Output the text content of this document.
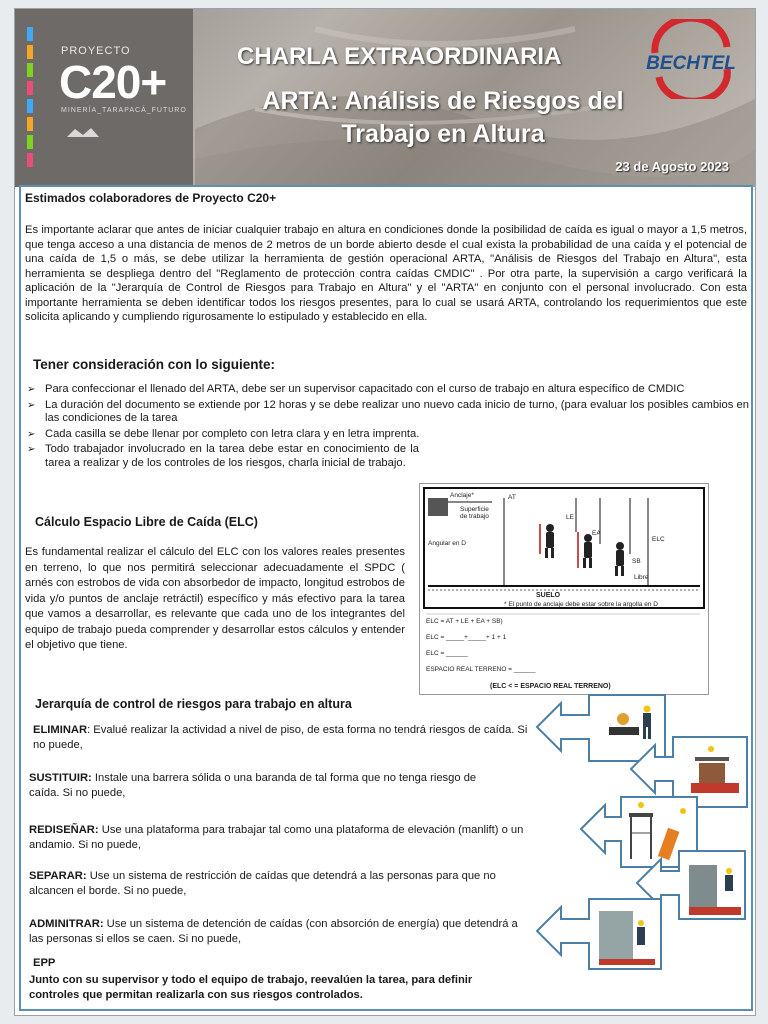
PROYECTO
C20+
MINERÍA_TARAPACÁ_FUTURO
CHARLA EXTRAORDINARIA
ARTA: Análisis de Riesgos del
Trabajo en Altura
23 de Agosto 2023
BECHTEL
Estimados colaboradores de Proyecto C20+
Es importante aclarar que antes de iniciar cualquier trabajo en altura en condiciones donde la posibilidad de caída es igual o mayor a 1,5 metros, que tenga acceso a una distancia de menos de 2 metros de un borde abierto desde el cual exista la probabilidad de una caída y el potencial de una caída de 1,5 o más, se debe utilizar la herramienta de gestión operacional ARTA, "Análisis de Riesgos del Trabajo en Altura", esta herramienta se despliega dentro del "Reglamento de protección contra caídas CMDIC" . Por otra parte, la supervisión a cargo verificará la aplicación de la "Jerarquía de Control de Riesgos para Trabajo en Altura" y el "ARTA" en conjunto con el personal involucrado. Con esta importante herramienta se deben identificar todos los riesgos presentes, para lo cual se usará ARTA, controlando los requerimientos que este solicita aplicando y cumpliendo rigurosamente lo estipulado y establecido en ella.
Tener consideración con lo siguiente:
➢ Para confeccionar el llenado del ARTA, debe ser un supervisor capacitado con el curso de trabajo en altura específico de CMDIC
➢ La duración del documento se extiende por 12 horas y se debe realizar uno nuevo cada inicio de turno, (para evaluar los posibles cambios en las condiciones de la tarea
➢ Cada casilla se debe llenar por completo con letra clara y en letra imprenta.
➢ Todo trabajador involucrado en la tarea debe estar en conocimiento de la tarea a realizar y de los controles de los riesgos, charla inicial de trabajo.
Cálculo Espacio Libre de Caída (ELC)
Es fundamental realizar el cálculo del ELC con los valores reales presentes en terreno, lo que nos permitirá seleccionar adecuadamente el SPDC ( arnés con estrobos de vida con absorbedor de impacto, longitud estrobos de vida y/o puntos de anclaje retráctil) específico y más efectivo para la tarea que vamos a desarrollar, es relevante que cada uno de los integrantes del equipo de trabajo pueda comprender y desarrollar estos cálculos y entender el objetivo que tiene.
Anclaje*
Superficie de trabajo
Angular en D
AT
LE
EA
ELC
SB
Libre
SUELO
* El punto de anclaje debe estar sobre la argolla en D
ELC = AT + LE + EA + SB)
ELC = _____+_____+ 1 + 1
ELC = ______
ESPACIO REAL TERRENO = ______
(ELC < = ESPACIO REAL TERRENO)
Jerarquía de control de riesgos para trabajo en altura
ELIMINAR: Evalué realizar la actividad a nivel de piso, de esta forma no tendrá riesgos de caída. Si no puede,
SUSTITUIR: Instale una barrera sólida o una baranda de tal forma que no tenga riesgo de caída. Si no puede,
REDISEÑAR: Use una plataforma para trabajar tal como una plataforma de elevación (manlift) o un andamio. Si no puede,
SEPARAR: Use un sistema de restricción de caídas que detendrá a las personas para que no alcancen el borde. Si no puede,
ADMINITRAR: Use un sistema de detención de caídas (con absorción de energía) que detendrá a las personas si ellos se caen. Si no puede,
EPP
Junto con su supervisor y todo el equipo de trabajo, reevalúen la tarea, para definir controles que permitan realizarla con sus riesgos controlados.
